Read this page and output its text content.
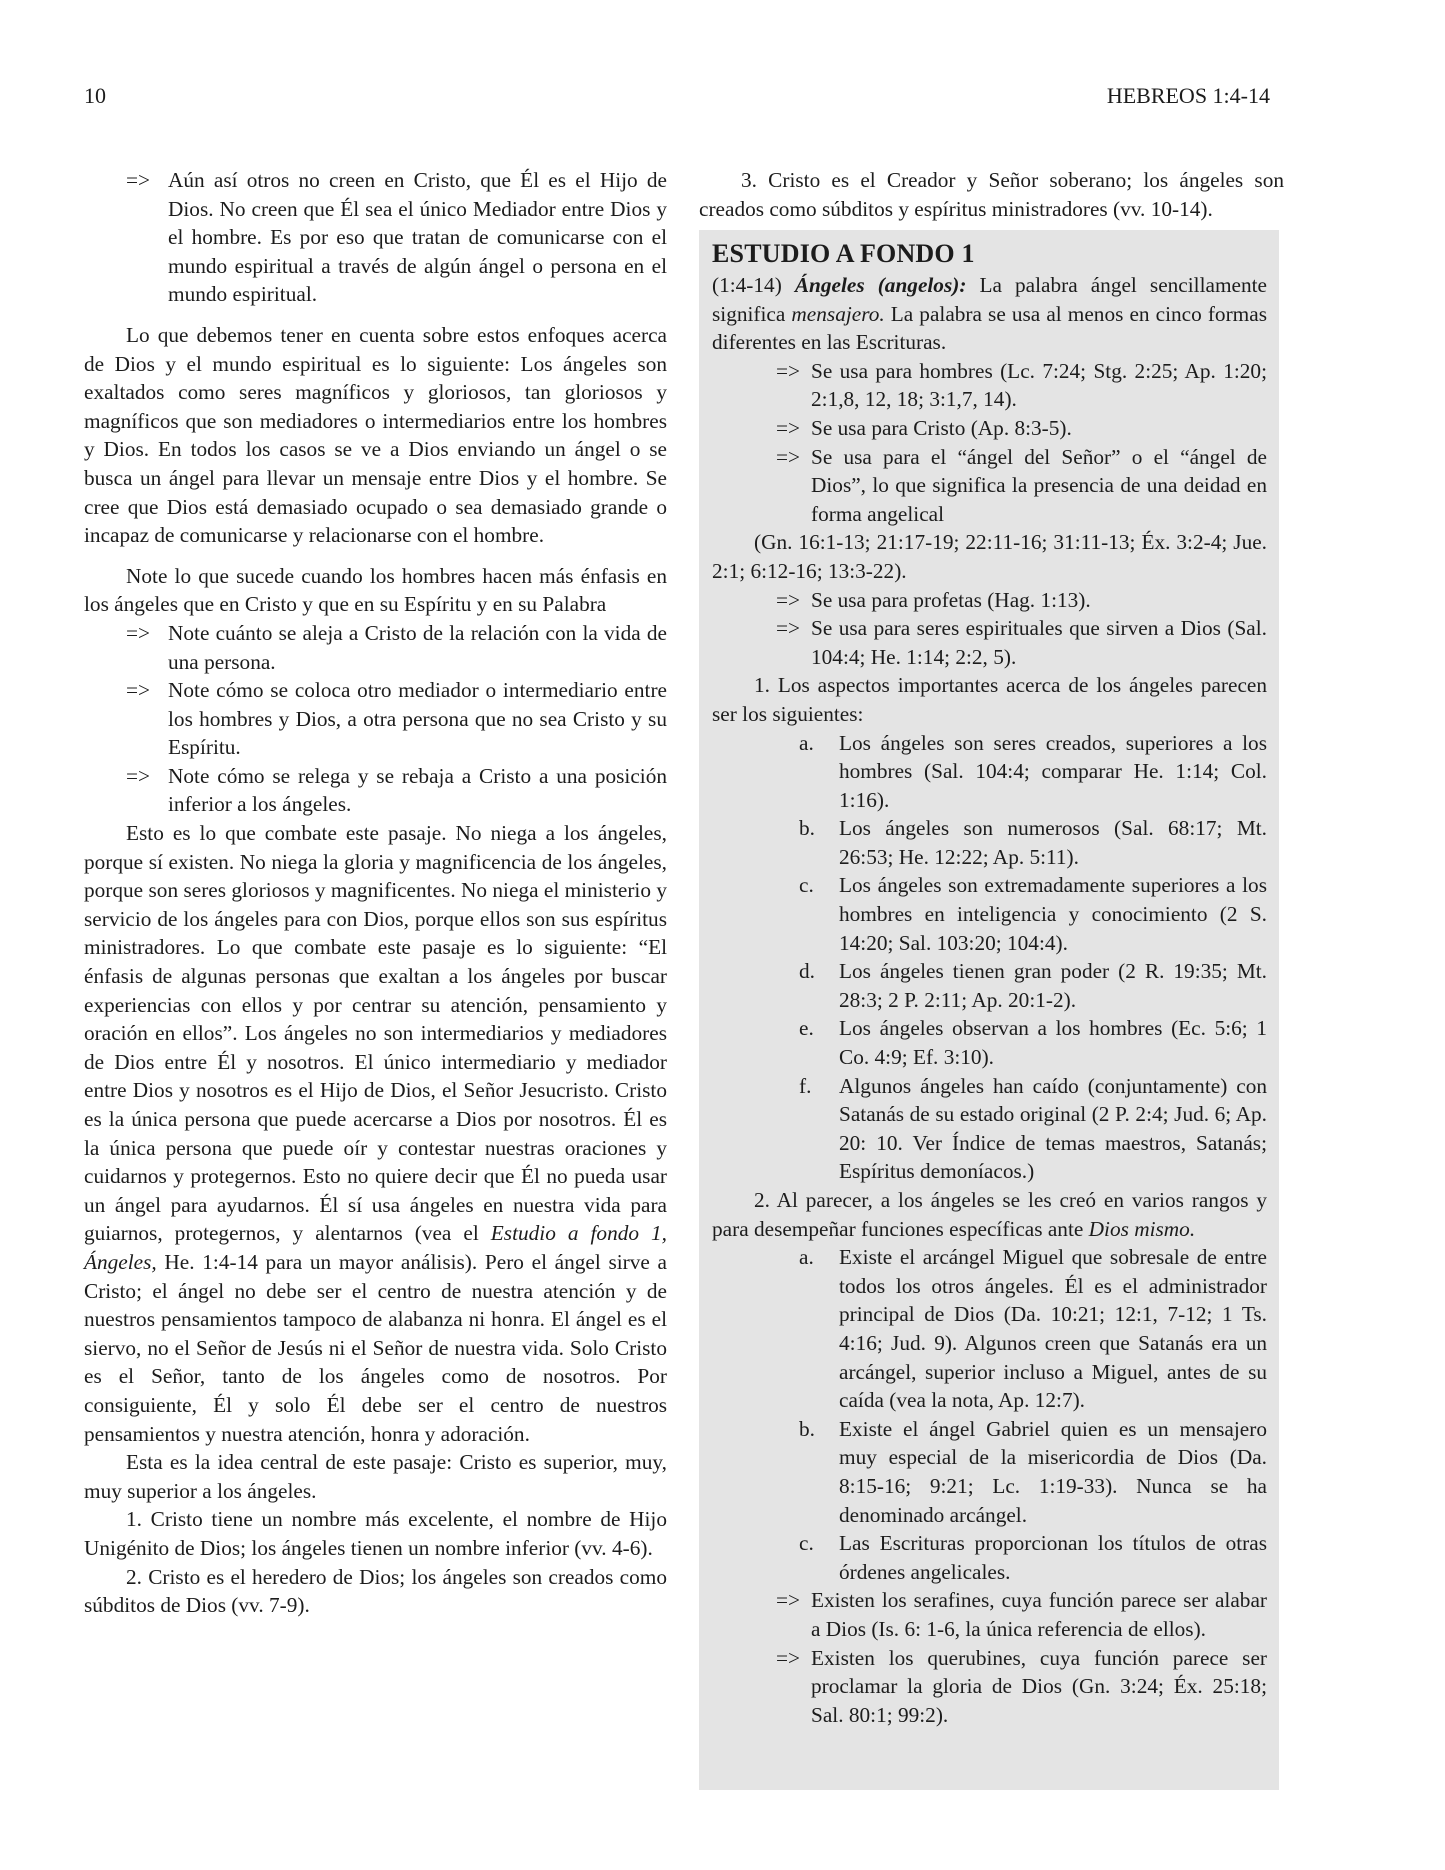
10	HEBREOS 1:4-14
=> Aún así otros no creen en Cristo, que Él es el Hijo de Dios. No creen que Él sea el único Mediador entre Dios y el hombre. Es por eso que tratan de comunicarse con el mundo espiritual a través de algún ángel o persona en el mundo espiritual.

Lo que debemos tener en cuenta sobre estos enfoques acerca de Dios y el mundo espiritual es lo siguiente: Los ángeles son exaltados como seres magníficos y gloriosos, tan gloriosos y magníficos que son mediadores o intermediarios entre los hombres y Dios. En todos los casos se ve a Dios enviando un ángel o se busca un ángel para llevar un mensaje entre Dios y el hombre. Se cree que Dios está demasiado ocupado o sea demasiado grande o incapaz de comunicarse y relacionarse con el hombre.

Note lo que sucede cuando los hombres hacen más énfasis en los ángeles que en Cristo y que en su Espíritu y en su Palabra

=> Note cuánto se aleja a Cristo de la relación con la vida de una persona.
=> Note cómo se coloca otro mediador o intermediario entre los hombres y Dios, a otra persona que no sea Cristo y su Espíritu.
=> Note cómo se relega y se rebaja a Cristo a una posición inferior a los ángeles.

Esto es lo que combate este pasaje. No niega a los ángeles, porque sí existen. No niega la gloria y magnificencia de los ángeles, porque son seres gloriosos y magnificentes. No niega el ministerio y servicio de los ángeles para con Dios, porque ellos son sus espíritus ministradores. Lo que combate este pasaje es lo siguiente: “El énfasis de algunas personas que exaltan a los ángeles por buscar experiencias con ellos y por centrar su atención, pensamiento y oración en ellos”. Los ángeles no son intermediarios y mediadores de Dios entre Él y nosotros. El único intermediario y mediador entre Dios y nosotros es el Hijo de Dios, el Señor Jesucristo. Cristo es la única persona que puede acercarse a Dios por nosotros. Él es la única persona que puede oír y contestar nuestras oraciones y cuidarnos y protegernos. Esto no quiere decir que Él no pueda usar un ángel para ayudarnos. Él sí usa ángeles en nuestra vida para guiarnos, protegernos, y alentarnos (vea el Estudio a fondo 1, Ángeles, He. 1:4-14 para un mayor análisis). Pero el ángel sirve a Cristo; el ángel no debe ser el centro de nuestra atención y de nuestros pensamientos tampoco de alabanza ni honra. El ángel es el siervo, no el Señor de Jesús ni el Señor de nuestra vida. Solo Cristo es el Señor, tanto de los ángeles como de nosotros. Por consiguiente, Él y solo Él debe ser el centro de nuestros pensamientos y nuestra atención, honra y adoración.

Esta es la idea central de este pasaje: Cristo es superior, muy, muy superior a los ángeles.

1. Cristo tiene un nombre más excelente, el nombre de Hijo Unigénito de Dios; los ángeles tienen un nombre inferior (vv. 4-6).

2. Cristo es el heredero de Dios; los ángeles son creados como súbditos de Dios (vv. 7-9).

3. Cristo es el Creador y Señor soberano; los ángeles son creados como súbditos y espíritus ministradores (vv. 10-14).

ESTUDIO A FONDO 1

(1:4-14) Ángeles (angelos): La palabra ángel sencillamente significa mensajero. La palabra se usa al menos en cinco formas diferentes en las Escrituras.

=> Se usa para hombres (Lc. 7:24; Stg. 2:25; Ap. 1:20; 2:1,8, 12, 18; 3:1,7, 14).
=> Se usa para Cristo (Ap. 8:3-5).
=> Se usa para el “ángel del Señor” o el “ángel de Dios”, lo que significa la presencia de una deidad en forma angelical

(Gn. 16:1-13; 21:17-19; 22:11-16; 31:11-13; Éx. 3:2-4; Jue. 2:1; 6:12-16; 13:3-22).

=> Se usa para profetas (Hag. 1:13).
=> Se usa para seres espirituales que sirven a Dios (Sal. 104:4; He. 1:14; 2:2, 5).

1. Los aspectos importantes acerca de los ángeles parecen ser los siguientes:

a.	Los ángeles son seres creados, superiores a los hombres (Sal. 104:4; comparar He. 1:14; Col. 1:16).
b.	Los ángeles son numerosos (Sal. 68:17; Mt. 26:53; He. 12:22; Ap. 5:11).
c.	Los ángeles son extremadamente superiores a los hombres en inteligencia y conocimiento (2 S. 14:20; Sal. 103:20; 104:4).
d.	Los ángeles tienen gran poder (2 R. 19:35; Mt. 28:3; 2 P. 2:11; Ap. 20:1-2).
e.	Los ángeles observan a los hombres (Ec. 5:6; 1 Co. 4:9; Ef. 3:10).
f.	Algunos ángeles han caído (conjuntamente) con Satanás de su estado original (2 P. 2:4; Jud. 6; Ap. 20: 10. Ver Índice de temas maestros, Satanás; Espíritus demoníacos.)

2. Al parecer, a los ángeles se les creó en varios rangos y para desempeñar funciones específicas ante Dios mismo.

a.	Existe el arcángel Miguel que sobresale de entre todos los otros ángeles. Él es el administrador principal de Dios (Da. 10:21; 12:1, 7-12; 1 Ts. 4:16; Jud. 9). Algunos creen que Satanás era un arcángel, superior incluso a Miguel, antes de su caída (vea la nota, Ap. 12:7).
b.	Existe el ángel Gabriel quien es un mensajero muy especial de la misericordia de Dios (Da. 8:15-16; 9:21; Lc. 1:19-33). Nunca se ha denominado arcángel.
c.	Las Escrituras proporcionan los títulos de otras órdenes angelicales.
=> Existen los serafines, cuya función parece ser alabar a Dios (Is. 6: 1-6, la única referencia de ellos).
=> Existen los querubines, cuya función parece ser proclamar la gloria de Dios (Gn. 3:24; Éx. 25:18; Sal. 80:1; 99:2).
